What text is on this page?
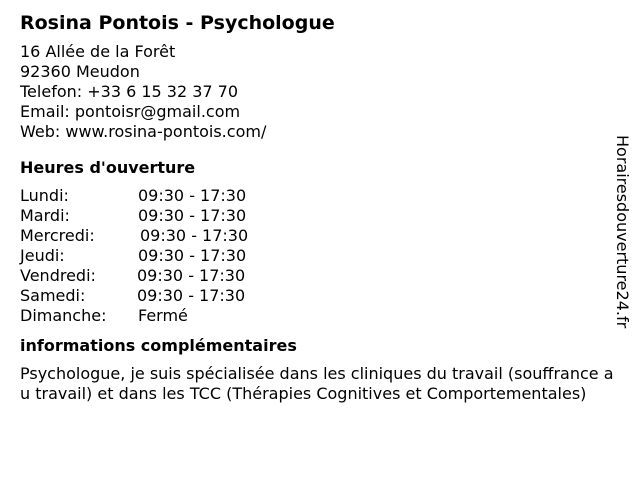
Rosina Pontois - Psychologue
16 Allée de la Forêt
92360 Meudon
Telefon: +33 6 15 32 37 70
Email: pontoisr@gmail.com
Web: www.rosina-pontois.com/
Heures d'ouverture
Lundi:	09:30 - 17:30
Mardi:	09:30 - 17:30
Mercredi:	09:30 - 17:30
Jeudi:	09:30 - 17:30
Vendredi:	09:30 - 17:30
Samedi:	09:30 - 17:30
Dimanche:	Fermé
informations complémentaires
Psychologue, je suis spécialisée dans les cliniques du travail (souffrance au travail) et dans les TCC (Thérapies Cognitives et Comportementales)
Horairesdouverture24.fr
